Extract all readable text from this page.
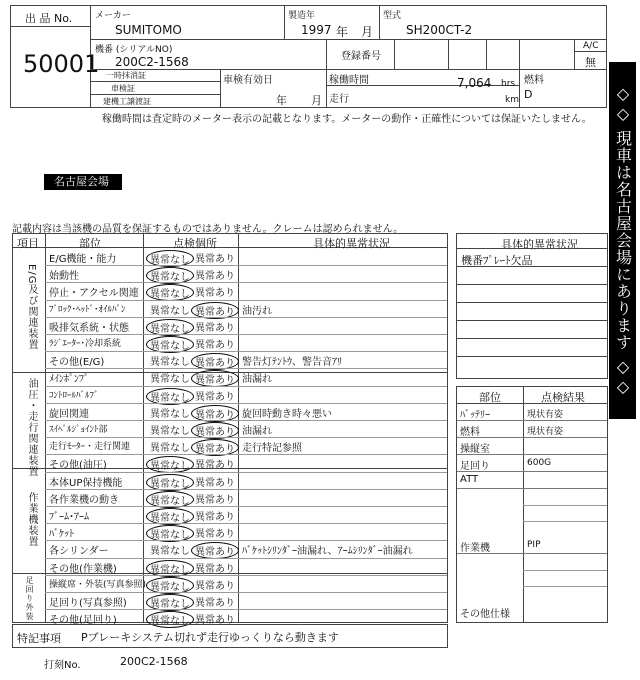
出 品 No.
50001
メーカー
SUMITOMO
製造年
1997 年 月
型式
SH200CT-2
機番 (シリアルNO)
200C2-1568	登録番号
A/C
無
一時抹消証
車検証
建機工譲渡証
車検有効日
年 月
稼働時間	7,064 hrs
走行	km
燃料
D
稼働時間は査定時のメーター表示の記載となります。メーターの動作・正確性については保証いたしません。 ◇◇ 現車は名古屋会場にあります ◇◇
名古屋会場
記載内容は当該機の品質を保証するものではありません。クレームは認められません。
項目	部位	点検個所	具体的異常状況
E/G及び関連装置
油圧・走行関連装置
作業機装置
足回り外装
E/G機能・能力	異常なし 異常あり
始動性	異常なし 異常あり
停止・アクセル関連	異常なし 異常あり
ﾌﾞﾛｯｸ･ﾍｯﾄﾞ･ｵｲﾙﾊﾟﾝ 異常なし 異常あり 油汚れ
吸排気系統・状態	異常なし 異常あり
ﾗｼﾞｴｰﾀｰ･冷却系統	異常なし 異常あり
その他(E/G)	異常なし 異常あり 警告灯ﾃﾝﾄｳ、警告音ｱﾘ
ﾒｲﾝﾎﾟﾝﾌﾟ	異常なし 異常あり 油漏れ
ｺﾝﾄﾛｰﾙﾊﾞﾙﾌﾞ	異常なし 異常あり
旋回関連	異常なし 異常あり 旋回時動き時々悪い
ｽｲﾍﾞﾙｼﾞｮｲﾝﾄ部	異常なし 異常あり 油漏れ
走行ﾓｰﾀｰ・走行関連 異常なし 異常あり 走行特記参照
その他(油圧)	異常なし 異常あり
本体UP保持機能	異常なし 異常あり
各作業機の動き	異常なし 異常あり
ﾌﾞｰﾑ･ｱｰﾑ	異常なし 異常あり
ﾊﾞｹｯﾄ	異常なし 異常あり
各シリンダー	異常なし 異常あり ﾊﾞｹｯﾄｼﾘﾝﾀﾞｰ油漏れ、ｱｰﾑｼﾘﾝﾀﾞｰ油漏れ
その他(作業機)	異常なし 異常あり
操縦席・外装(写真参照) 異常なし 異常あり
足回り(写真参照)	異常なし 異常あり
その他(足回り)	異常なし 異常あり
具体的異常状況
機番ﾌﾟﾚｰﾄ欠品
部位	点検結果
ﾊﾞｯﾃﾘｰ	現状有姿
燃料	現状有姿
操縦室
足回り	600G
ATT
作業機	PIP
その他仕様
特記事項 Pブレーキシステム切れず走行ゆっくりなら動きます
打刻No.	200C2-1568
